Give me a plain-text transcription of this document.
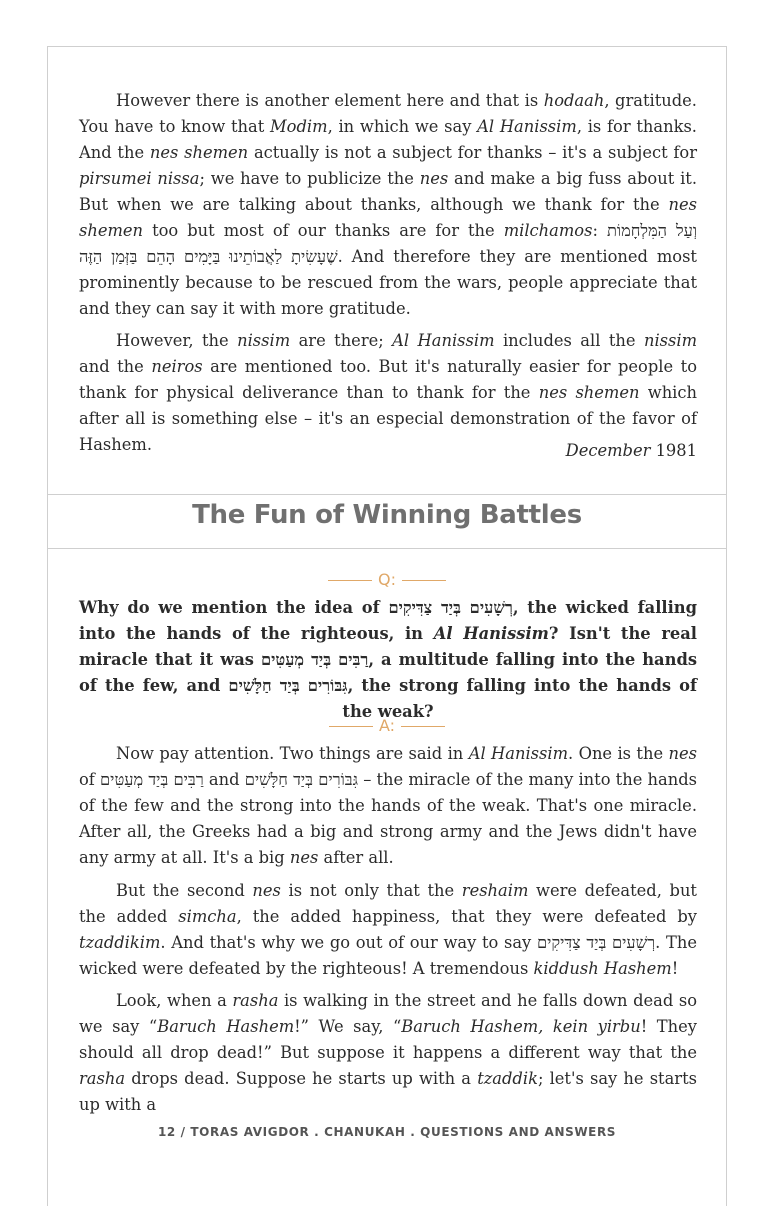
However there is another element here and that is hodaah, gratitude. You have to know that Modim, in which we say Al Hanissim, is for thanks. And the nes shemen actually is not a subject for thanks – it's a subject for pirsumei nissa; we have to publicize the nes and make a big fuss about it. But when we are talking about thanks, although we thank for the nes shemen too but most of our thanks are for the milchamos: וְעַל הַמִּלְחָמוֹת שֶׁעָשִׂיתָ לַאֲבוֹתֵינוּ בַּיָּמִים הָהֵם בַּזְּמַן הַזֶּה. And therefore they are mentioned most prominently because to be rescued from the wars, people appreciate that and they can say it with more gratitude.

However, the nissim are there; Al Hanissim includes all the nissim and the neiros are mentioned too. But it's naturally easier for people to thank for physical deliverance than to thank for the nes shemen which after all is something else – it's an especial demonstration of the favor of Hashem.	December 1981
The Fun of Winning Battles
Q:

Why do we mention the idea of רְשָׁעִים בְּיַד צַדִּיקִים, the wicked falling into the hands of the righteous, in Al Hanissim? Isn't the real miracle that it was רַבִּים בְּיַד מְעַטִּים, a multitude falling into the hands of the few, and גִּבּוֹרִים בְּיַד חַלָּשִׁים, the strong falling into the hands of the weak?

A:

Now pay attention. Two things are said in Al Hanissim. One is the nes of רַבִּים בְּיַד מְעַטִּים and גִּבּוֹרִים בְּיַד חַלָּשִׁים – the miracle of the many into the hands of the few and the strong into the hands of the weak. That's one miracle. After all, the Greeks had a big and strong army and the Jews didn't have any army at all. It's a big nes after all.

But the second nes is not only that the reshaim were defeated, but the added simcha, the added happiness, that they were defeated by tzaddikim. And that's why we go out of our way to say רְשָׁעִים בְּיַד צַדִּיקִים. The wicked were defeated by the righteous! A tremendous kiddush Hashem!

Look, when a rasha is walking in the street and he falls down dead so we say “Baruch Hashem!” We say, “Baruch Hashem, kein yirbu! They should all drop dead!” But suppose it happens a different way that the rasha drops dead. Suppose he starts up with a tzaddik; let's say he starts up with a

12 / TORAS AVIGDOR . CHANUKAH . QUESTIONS AND ANSWERS
